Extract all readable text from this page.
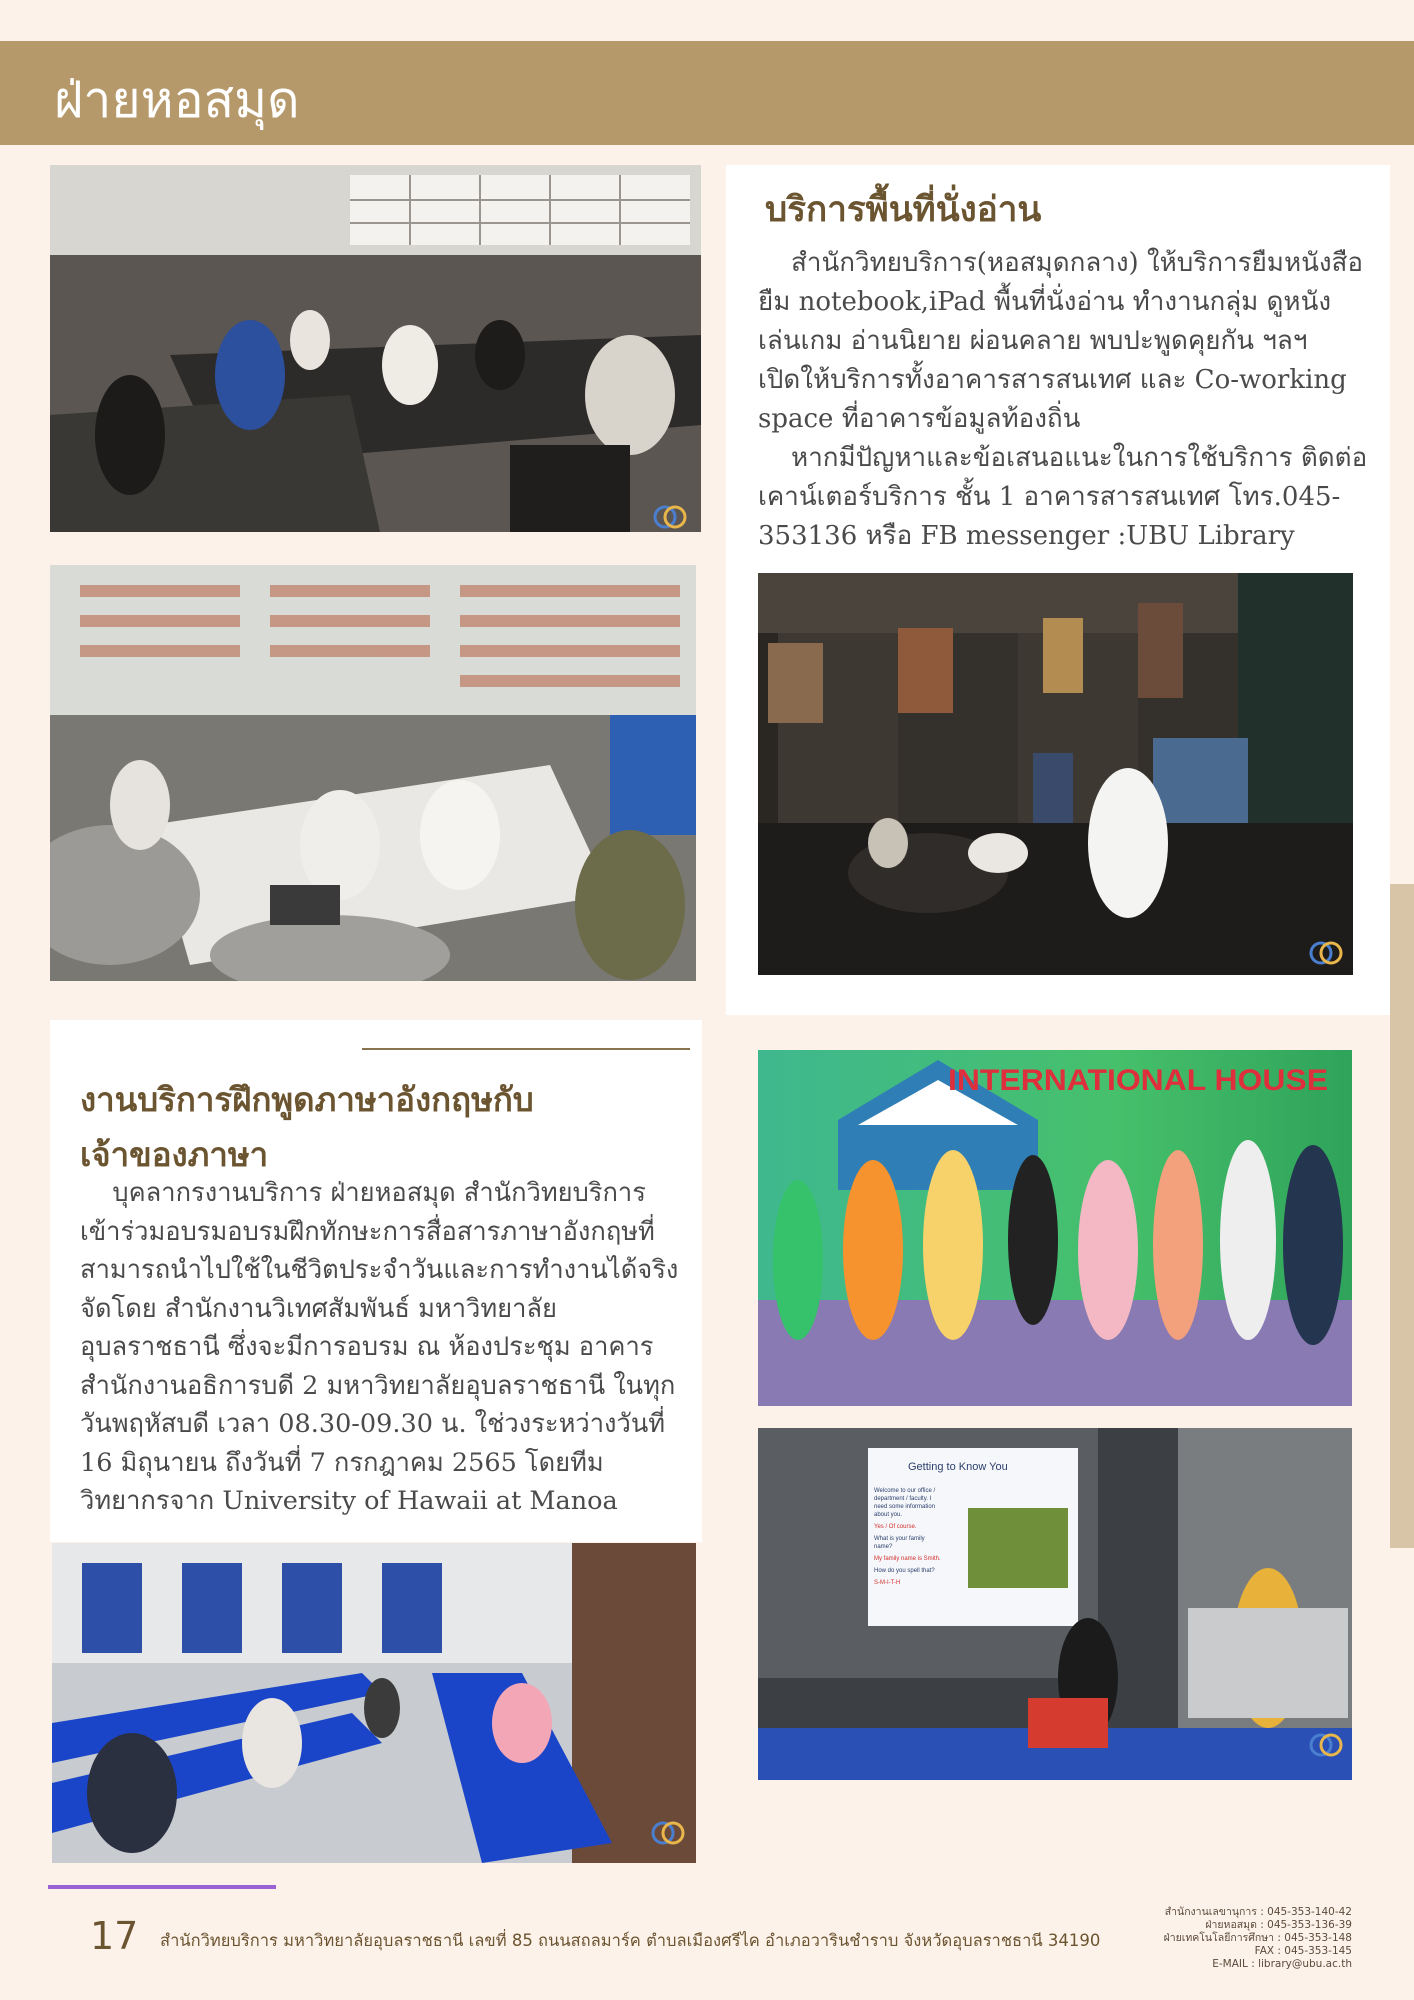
ฝ่ายหอสมุด
บริการพื้นที่นั่งอ่าน
สำนักวิทยบริการ(หอสมุดกลาง) ให้บริการยืมหนังสือ
ยืม notebook,iPad พื้นที่นั่งอ่าน ทำงานกลุ่ม ดูหนัง
เล่นเกม อ่านนิยาย ผ่อนคลาย พบปะพูดคุยกัน ฯลฯ
เปิดให้บริการทั้งอาคารสารสนเทศ และ Co-working
space ที่อาคารข้อมูลท้องถิ่น
หากมีปัญหาและข้อเสนอแนะในการใช้บริการ ติดต่อ
เคาน์เตอร์บริการ ชั้น 1 อาคารสารสนเทศ โทร.045-
353136 หรือ FB messenger :UBU Library
งานบริการฝึกพูดภาษาอังกฤษกับ
เจ้าของภาษา
บุคลากรงานบริการ ฝ่ายหอสมุด สำนักวิทยบริการ
เข้าร่วมอบรมอบรมฝึกทักษะการสื่อสารภาษาอังกฤษที่
สามารถนำไปใช้ในชีวิตประจำวันและการทำงานได้จริง
จัดโดย สำนักงานวิเทศสัมพันธ์ มหาวิทยาลัย
อุบลราชธานี ซึ่งจะมีการอบรม ณ ห้องประชุม อาคาร
สำนักงานอธิการบดี 2 มหาวิทยาลัยอุบลราชธานี ในทุก
วันพฤหัสบดี เวลา 08.30-09.30 น. ใช่วงระหว่างวันที่
16 มิถุนายน ถึงวันที่ 7 กรกฎาคม 2565 โดยทีม
วิทยากรจาก University of Hawaii at Manoa
INTERNATIONAL HOUSE
Getting to Know You
Welcome to our office /
department / faculty. I
need some information
about you.
Yes / Of course.
What is your family
name?
My family name is Smith.
How do you spell that?
S-M-I-T-H
17 สำนักวิทยบริการ มหาวิทยาลัยอุบลราชธานี เลขที่ 85 ถนนสถลมาร์ค ตำบลเมืองศรีไค อำเภอวารินชำราบ จังหวัดอุบลราชธานี 34190
สำนักงานเลขานุการ : 045-353-140-42
ฝ่ายหอสมุด : 045-353-136-39
ฝ่ายเทคโนโลยีการศึกษา : 045-353-148
FAX : 045-353-145
E-MAIL : library@ubu.ac.th
